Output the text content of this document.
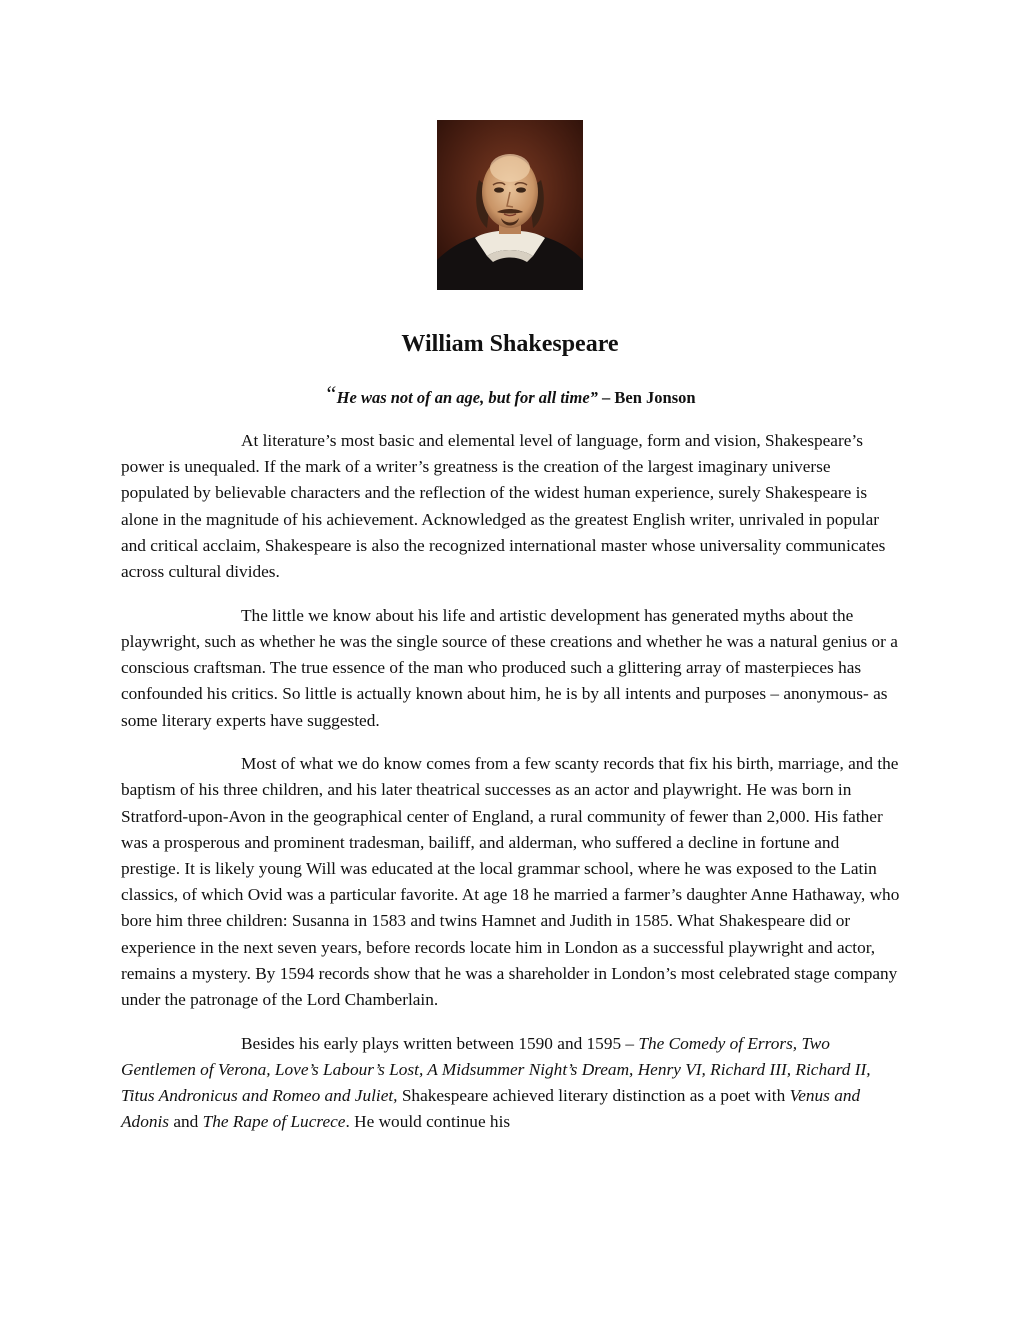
William Shakespeare
“He was not of an age, but for all time” – Ben Jonson

At literature’s most basic and elemental level of language, form and vision, Shakespeare’s power is unequaled. If the mark of a writer’s greatness is the creation of the largest imaginary universe populated by believable characters and the reflection of the widest human experience, surely Shakespeare is alone in the magnitude of his achievement. Acknowledged as the greatest English writer, unrivaled in popular and critical acclaim, Shakespeare is also the recognized international master whose universality communicates across cultural divides.

The little we know about his life and artistic development has generated myths about the playwright, such as whether he was the single source of these creations and whether he was a natural genius or a conscious craftsman. The true essence of the man who produced such a glittering array of masterpieces has confounded his critics. So little is actually known about him, he is by all intents and purposes – anonymous- as some literary experts have suggested.

Most of what we do know comes from a few scanty records that fix his birth, marriage, and the baptism of his three children, and his later theatrical successes as an actor and playwright. He was born in Stratford-upon-Avon in the geographical center of England, a rural community of fewer than 2,000. His father was a prosperous and prominent tradesman, bailiff, and alderman, who suffered a decline in fortune and prestige. It is likely young Will was educated at the local grammar school, where he was exposed to the Latin classics, of which Ovid was a particular favorite. At age 18 he married a farmer’s daughter Anne Hathaway, who bore him three children: Susanna in 1583 and twins Hamnet and Judith in 1585. What Shakespeare did or experience in the next seven years, before records locate him in London as a successful playwright and actor, remains a mystery. By 1594 records show that he was a shareholder in London’s most celebrated stage company under the patronage of the Lord Chamberlain.

Besides his early plays written between 1590 and 1595 – The Comedy of Errors, Two Gentlemen of Verona, Love’s Labour’s Lost, A Midsummer Night’s Dream, Henry VI, Richard III, Richard II, Titus Andronicus and Romeo and Juliet, Shakespeare achieved literary distinction as a poet with Venus and Adonis and The Rape of Lucrece. He would continue his
